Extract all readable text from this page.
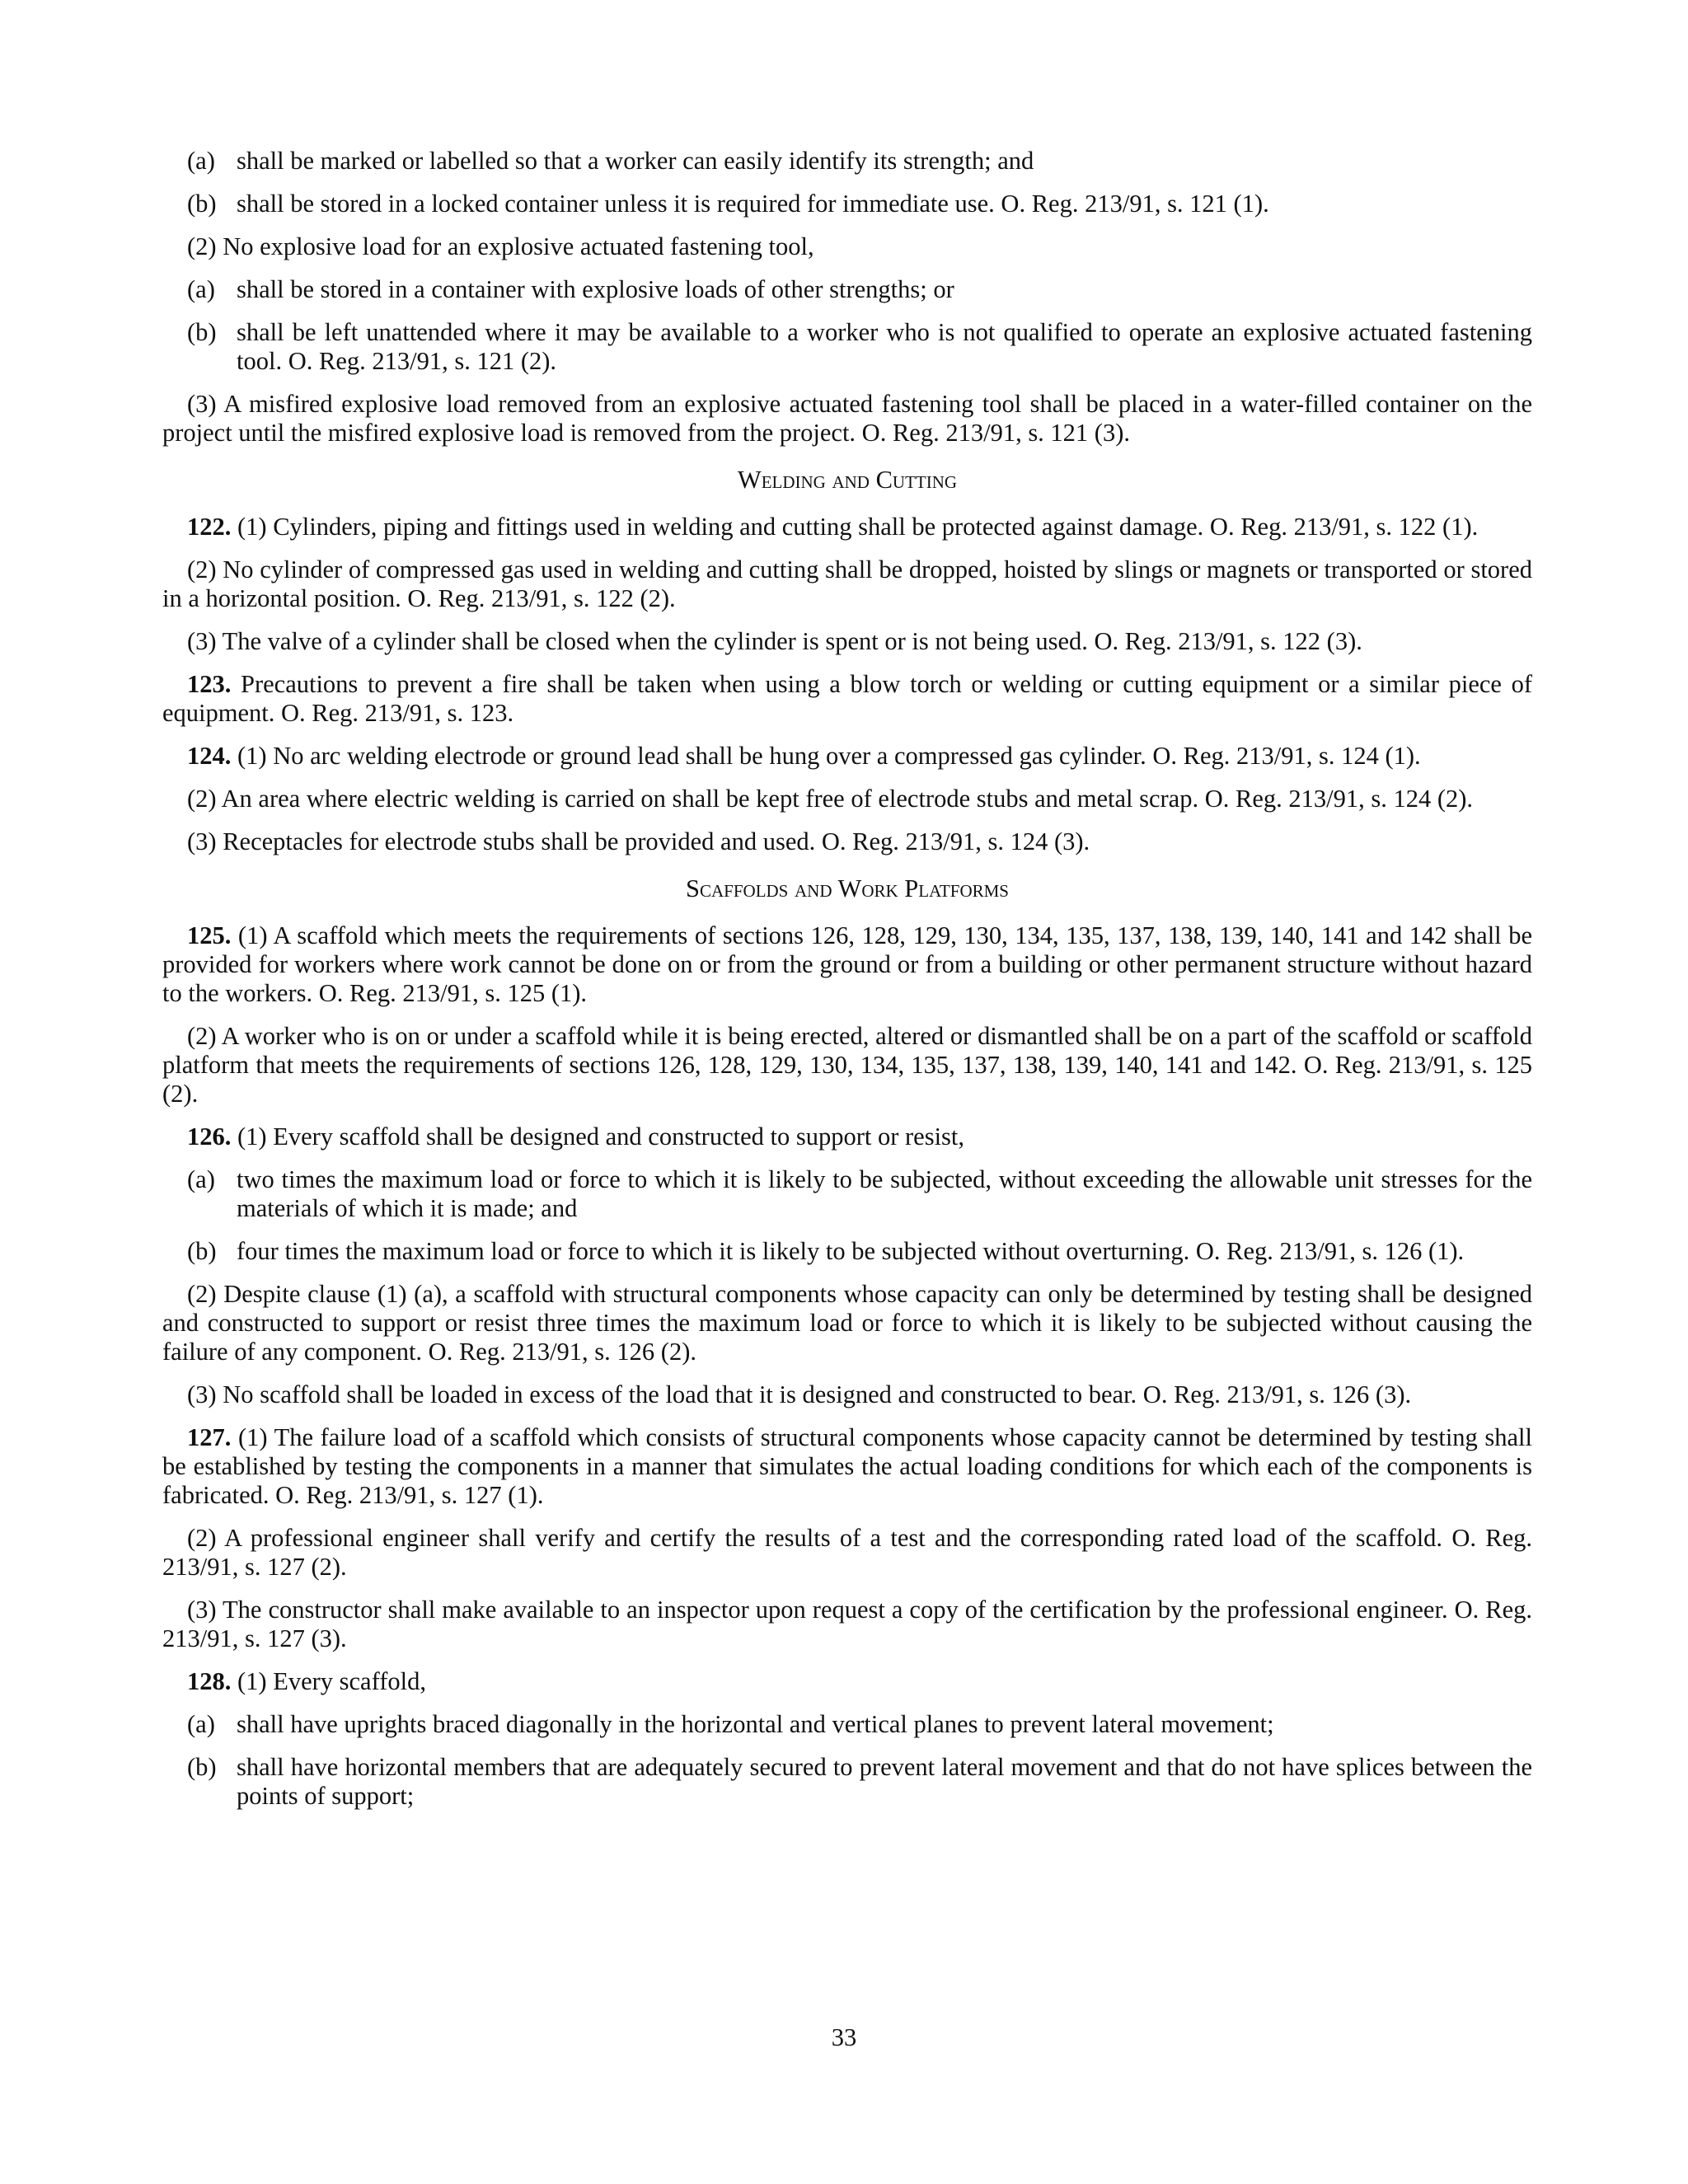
(a) shall be marked or labelled so that a worker can easily identify its strength; and
(b) shall be stored in a locked container unless it is required for immediate use. O. Reg. 213/91, s. 121 (1).
(2) No explosive load for an explosive actuated fastening tool,
(a) shall be stored in a container with explosive loads of other strengths; or
(b) shall be left unattended where it may be available to a worker who is not qualified to operate an explosive actuated fastening tool. O. Reg. 213/91, s. 121 (2).
(3) A misfired explosive load removed from an explosive actuated fastening tool shall be placed in a water-filled container on the project until the misfired explosive load is removed from the project. O. Reg. 213/91, s. 121 (3).
Welding and Cutting
122. (1) Cylinders, piping and fittings used in welding and cutting shall be protected against damage. O. Reg. 213/91, s. 122 (1).
(2) No cylinder of compressed gas used in welding and cutting shall be dropped, hoisted by slings or magnets or transported or stored in a horizontal position. O. Reg. 213/91, s. 122 (2).
(3) The valve of a cylinder shall be closed when the cylinder is spent or is not being used. O. Reg. 213/91, s. 122 (3).
123. Precautions to prevent a fire shall be taken when using a blow torch or welding or cutting equipment or a similar piece of equipment. O. Reg. 213/91, s. 123.
124. (1) No arc welding electrode or ground lead shall be hung over a compressed gas cylinder. O. Reg. 213/91, s. 124 (1).
(2) An area where electric welding is carried on shall be kept free of electrode stubs and metal scrap. O. Reg. 213/91, s. 124 (2).
(3) Receptacles for electrode stubs shall be provided and used. O. Reg. 213/91, s. 124 (3).
Scaffolds and Work Platforms
125. (1) A scaffold which meets the requirements of sections 126, 128, 129, 130, 134, 135, 137, 138, 139, 140, 141 and 142 shall be provided for workers where work cannot be done on or from the ground or from a building or other permanent structure without hazard to the workers. O. Reg. 213/91, s. 125 (1).
(2) A worker who is on or under a scaffold while it is being erected, altered or dismantled shall be on a part of the scaffold or scaffold platform that meets the requirements of sections 126, 128, 129, 130, 134, 135, 137, 138, 139, 140, 141 and 142. O. Reg. 213/91, s. 125 (2).
126. (1) Every scaffold shall be designed and constructed to support or resist,
(a) two times the maximum load or force to which it is likely to be subjected, without exceeding the allowable unit stresses for the materials of which it is made; and
(b) four times the maximum load or force to which it is likely to be subjected without overturning. O. Reg. 213/91, s. 126 (1).
(2) Despite clause (1) (a), a scaffold with structural components whose capacity can only be determined by testing shall be designed and constructed to support or resist three times the maximum load or force to which it is likely to be subjected without causing the failure of any component. O. Reg. 213/91, s. 126 (2).
(3) No scaffold shall be loaded in excess of the load that it is designed and constructed to bear. O. Reg. 213/91, s. 126 (3).
127. (1) The failure load of a scaffold which consists of structural components whose capacity cannot be determined by testing shall be established by testing the components in a manner that simulates the actual loading conditions for which each of the components is fabricated. O. Reg. 213/91, s. 127 (1).
(2) A professional engineer shall verify and certify the results of a test and the corresponding rated load of the scaffold. O. Reg. 213/91, s. 127 (2).
(3) The constructor shall make available to an inspector upon request a copy of the certification by the professional engineer. O. Reg. 213/91, s. 127 (3).
128. (1) Every scaffold,
(a) shall have uprights braced diagonally in the horizontal and vertical planes to prevent lateral movement;
(b) shall have horizontal members that are adequately secured to prevent lateral movement and that do not have splices between the points of support;
33
